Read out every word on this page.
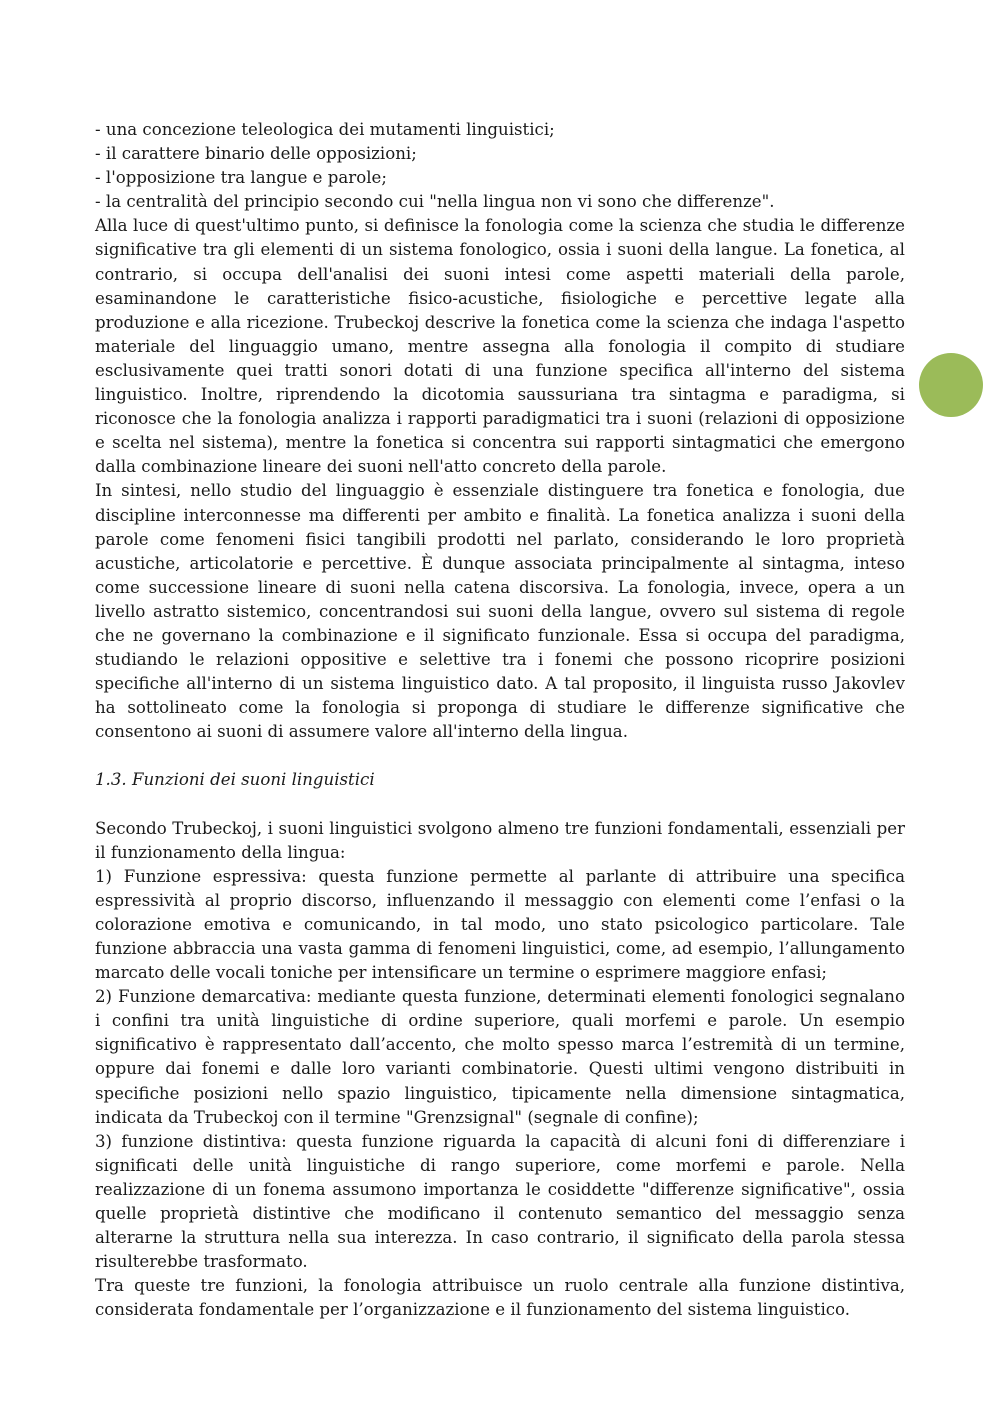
- una concezione teleologica dei mutamenti linguistici;
- il carattere binario delle opposizioni;
- l'opposizione tra langue e parole;
- la centralità del principio secondo cui "nella lingua non vi sono che differenze".

Alla luce di quest'ultimo punto, si definisce la fonologia come la scienza che studia le differenze significative tra gli elementi di un sistema fonologico, ossia i suoni della langue. La fonetica, al contrario, si occupa dell'analisi dei suoni intesi come aspetti materiali della parole, esaminandone le caratteristiche fisico-acustiche, fisiologiche e percettive legate alla produzione e alla ricezione. Trubeckoj descrive la fonetica come la scienza che indaga l'aspetto materiale del linguaggio umano, mentre assegna alla fonologia il compito di studiare esclusivamente quei tratti sonori dotati di una funzione specifica all'interno del sistema linguistico. Inoltre, riprendendo la dicotomia saussuriana tra sintagma e paradigma, si riconosce che la fonologia analizza i rapporti paradigmatici tra i suoni (relazioni di opposizione e scelta nel sistema), mentre la fonetica si concentra sui rapporti sintagmatici che emergono dalla combinazione lineare dei suoni nell'atto concreto della parole.

In sintesi, nello studio del linguaggio è essenziale distinguere tra fonetica e fonologia, due discipline interconnesse ma differenti per ambito e finalità. La fonetica analizza i suoni della parole come fenomeni fisici tangibili prodotti nel parlato, considerando le loro proprietà acustiche, articolatorie e percettive. È dunque associata principalmente al sintagma, inteso come successione lineare di suoni nella catena discorsiva. La fonologia, invece, opera a un livello astratto sistemico, concentrandosi sui suoni della langue, ovvero sul sistema di regole che ne governano la combinazione e il significato funzionale. Essa si occupa del paradigma, studiando le relazioni oppositive e selettive tra i fonemi che possono ricoprire posizioni specifiche all'interno di un sistema linguistico dato. A tal proposito, il linguista russo Jakovlev ha sottolineato come la fonologia si proponga di studiare le differenze significative che consentono ai suoni di assumere valore all'interno della lingua.

1.3. Funzioni dei suoni linguistici

Secondo Trubeckoj, i suoni linguistici svolgono almeno tre funzioni fondamentali, essenziali per il funzionamento della lingua:

1) Funzione espressiva: questa funzione permette al parlante di attribuire una specifica espressività al proprio discorso, influenzando il messaggio con elementi come l’enfasi o la colorazione emotiva e comunicando, in tal modo, uno stato psicologico particolare. Tale funzione abbraccia una vasta gamma di fenomeni linguistici, come, ad esempio, l’allungamento marcato delle vocali toniche per intensificare un termine o esprimere maggiore enfasi;

2) Funzione demarcativa: mediante questa funzione, determinati elementi fonologici segnalano i confini tra unità linguistiche di ordine superiore, quali morfemi e parole. Un esempio significativo è rappresentato dall’accento, che molto spesso marca l’estremità di un termine, oppure dai fonemi e dalle loro varianti combinatorie. Questi ultimi vengono distribuiti in specifiche posizioni nello spazio linguistico, tipicamente nella dimensione sintagmatica, indicata da Trubeckoj con il termine "Grenzsignal" (segnale di confine);

3) funzione distintiva: questa funzione riguarda la capacità di alcuni foni di differenziare i significati delle unità linguistiche di rango superiore, come morfemi e parole. Nella realizzazione di un fonema assumono importanza le cosiddette "differenze significative", ossia quelle proprietà distintive che modificano il contenuto semantico del messaggio senza alterarne la struttura nella sua interezza. In caso contrario, il significato della parola stessa risulterebbe trasformato.

Tra queste tre funzioni, la fonologia attribuisce un ruolo centrale alla funzione distintiva, considerata fondamentale per l’organizzazione e il funzionamento del sistema linguistico.
